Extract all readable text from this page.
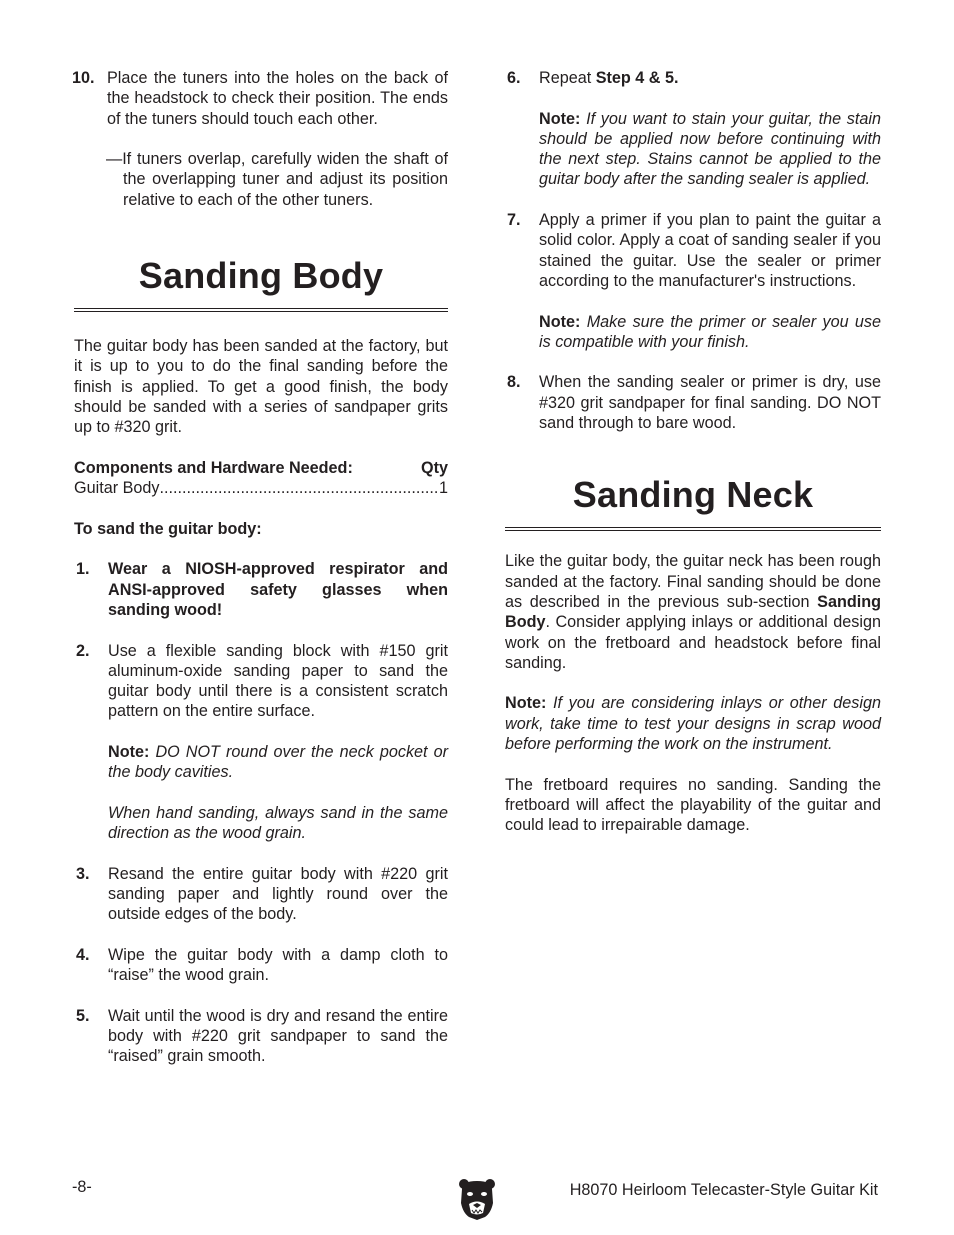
10. Place the tuners into the holes on the back of the headstock to check their position. The ends of the tuners should touch each other.

—If tuners overlap, carefully widen the shaft of the overlapping tuner and adjust its position relative to each of the other tuners.

Sanding Body

The guitar body has been sanded at the factory, but it is up to you to do the final sanding before the finish is applied. To get a good finish, the body should be sanded with a series of sandpaper grits up to #320 grit.

Components and Hardware Needed:	Qty
Guitar Body
.....	1

To sand the guitar body:

1. Wear a NIOSH-approved respirator and ANSI-approved safety glasses when sanding wood!

2. Use a flexible sanding block with #150 grit aluminum-oxide sanding paper to sand the guitar body until there is a consistent scratch pattern on the entire surface.

Note: DO NOT round over the neck pocket or the body cavities.

When hand sanding, always sand in the same direction as the wood grain.

3. Resand the entire guitar body with #220 grit sanding paper and lightly round over the outside edges of the body.

4. Wipe the guitar body with a damp cloth to “raise” the wood grain.

5. Wait until the wood is dry and resand the entire body with #220 grit sandpaper to sand the “raised” grain smooth.

6. Repeat Step 4 & 5.

Note: If you want to stain your guitar, the stain should be applied now before continuing with the next step. Stains cannot be applied to the guitar body after the sanding sealer is applied.

7. Apply a primer if you plan to paint the guitar a solid color. Apply a coat of sanding sealer if you stained the guitar. Use the sealer or primer according to the manufacturer's instructions.

Note: Make sure the primer or sealer you use is compatible with your finish.

8. When the sanding sealer or primer is dry, use #320 grit sandpaper for final sanding. DO NOT sand through to bare wood.

Sanding Neck

Like the guitar body, the guitar neck has been rough sanded at the factory. Final sanding should be done as described in the previous sub-section Sanding Body. Consider applying inlays or additional design work on the fretboard and headstock before final sanding.

Note: If you are considering inlays or other design work, take time to test your designs in scrap wood before performing the work on the instrument.

The fretboard requires no sanding. Sanding the fretboard will affect the playability of the guitar and could lead to irrepairable damage.

-8-	H8070 Heirloom Telecaster-Style Guitar Kit
